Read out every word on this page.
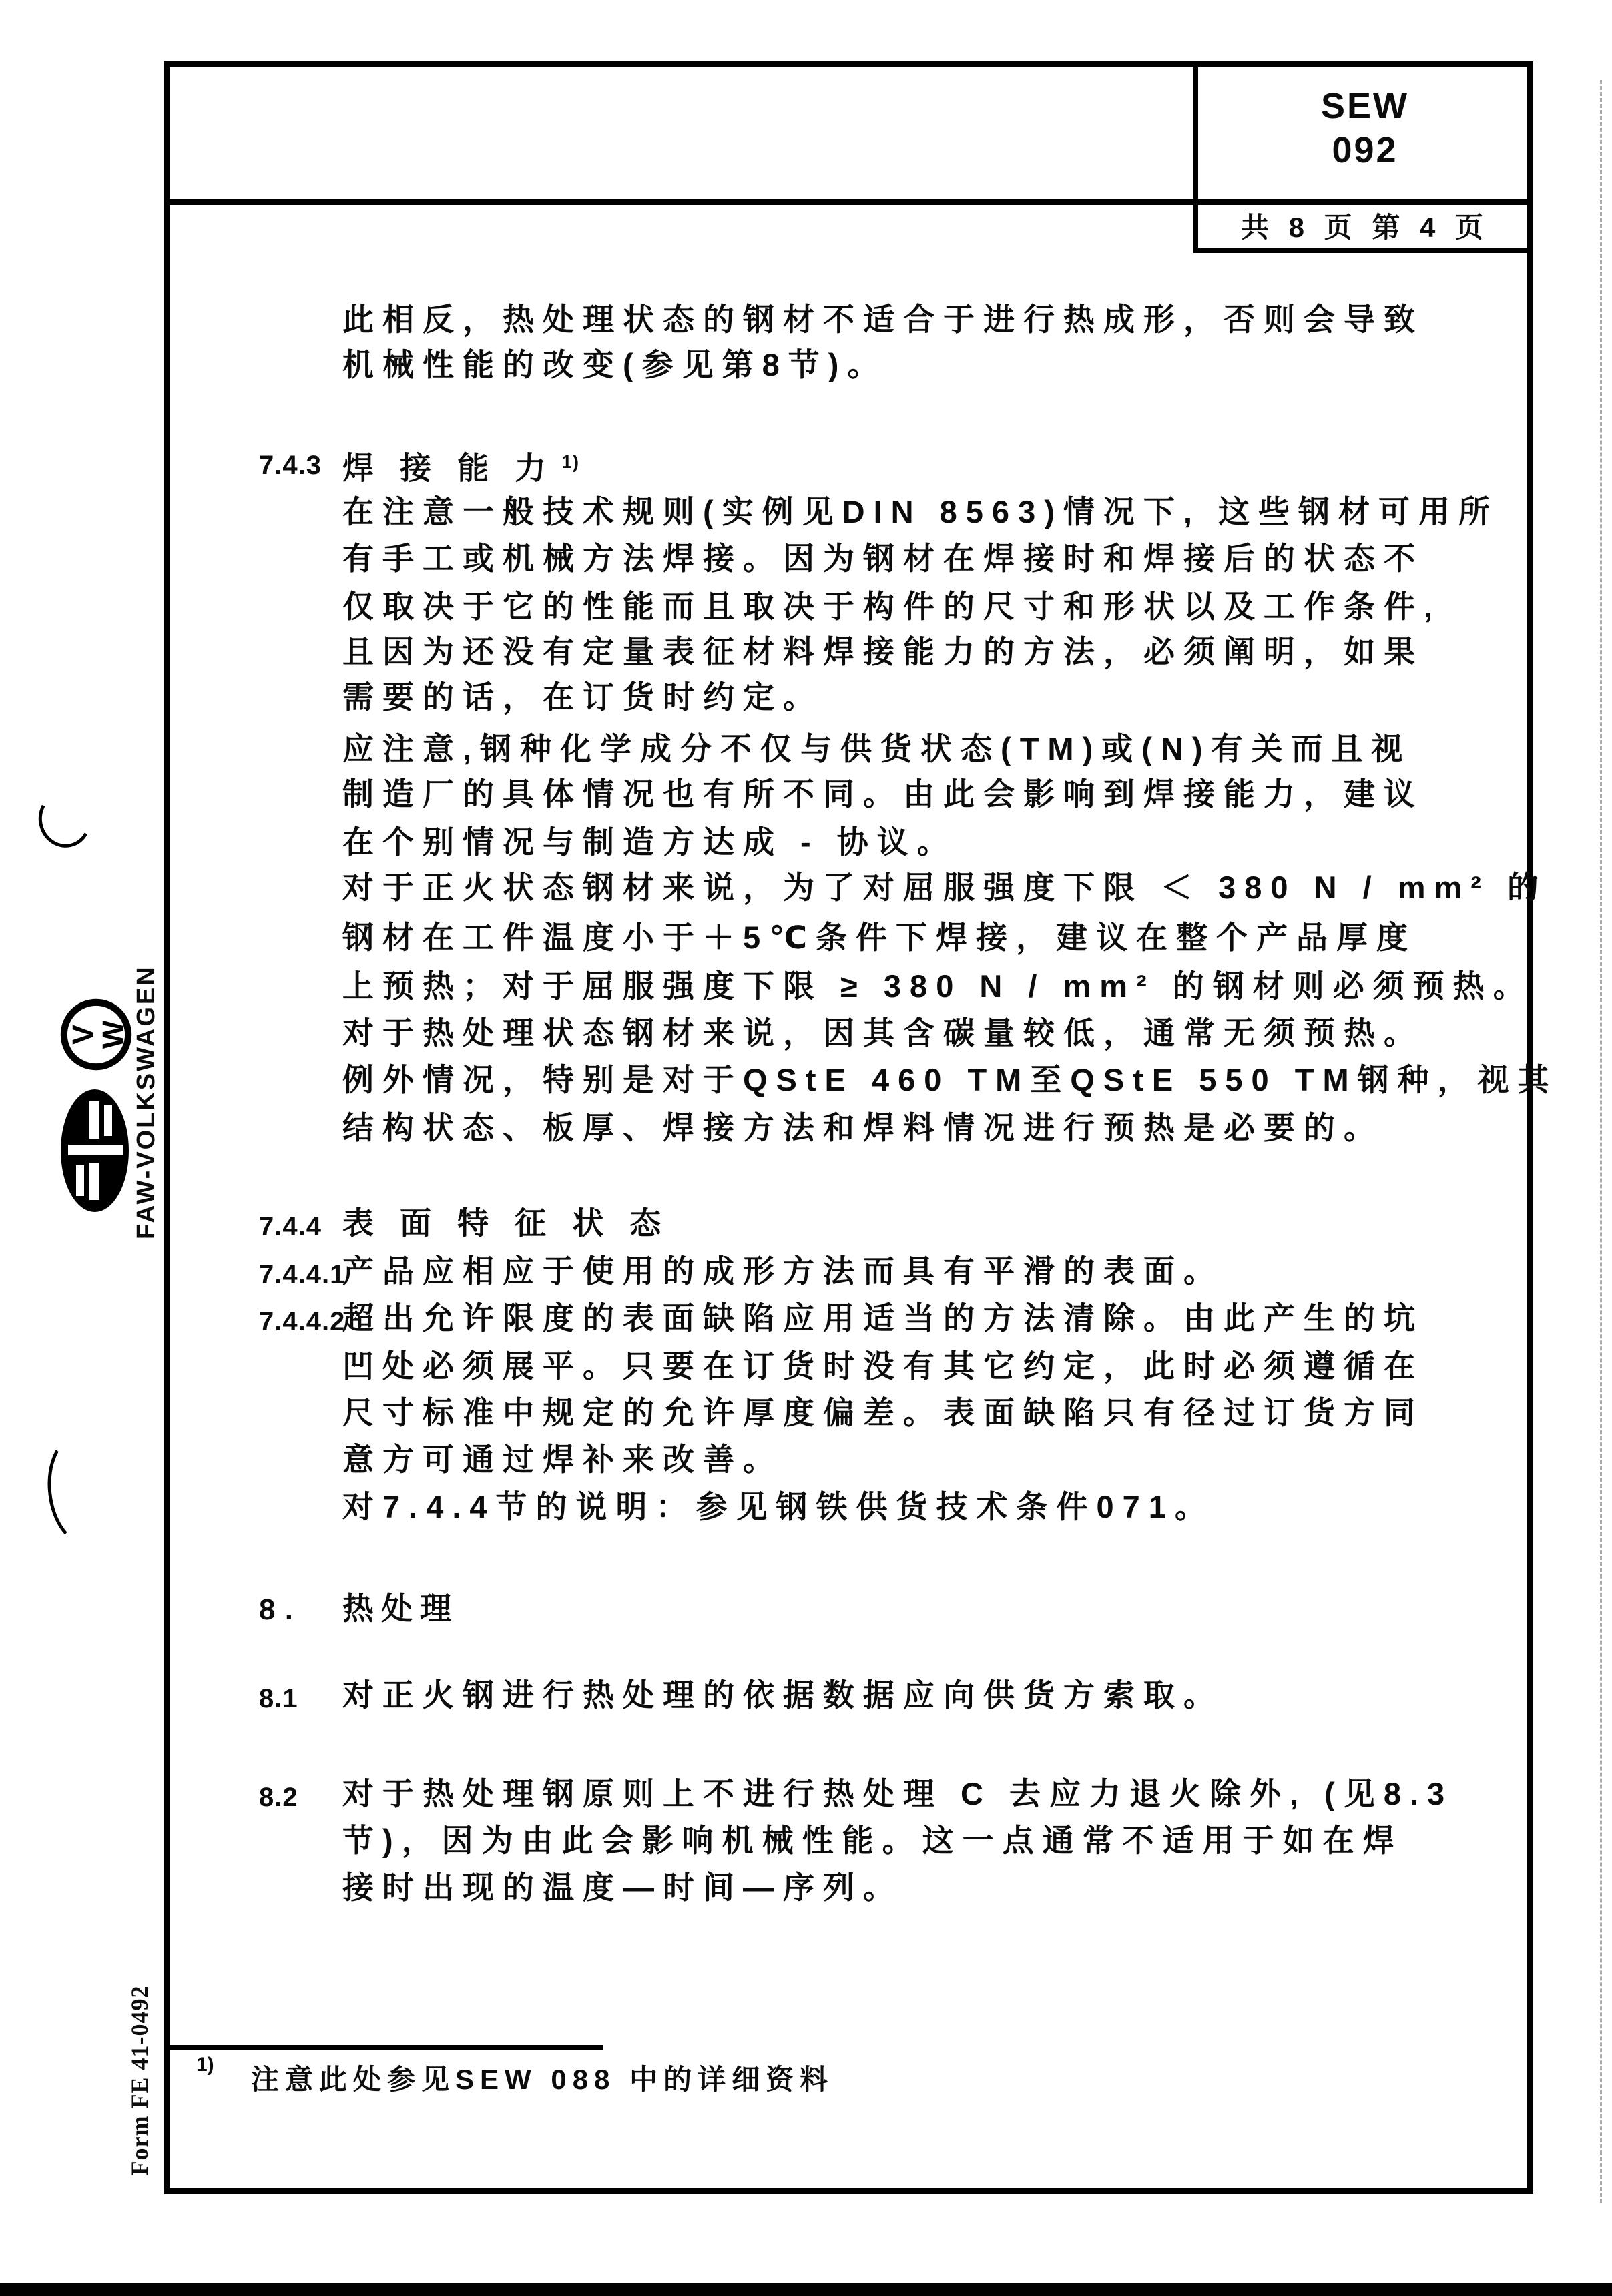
SEW
092
共 8 页 第 4 页
此相反，热处理状态的钢材不适合于进行热成形，否则会导致
机械性能的改变(参见第8节)。
7.4.3 焊 接 能 力 $^{1)}$
在注意一般技术规则(实例见DIN 8563)情况下, 这些钢材可用所
有手工或机械方法焊接。因为钢材在焊接时和焊接后的状态不
仅取决于它的性能而且取决于构件的尺寸和形状以及工作条件,
且因为还没有定量表征材料焊接能力的方法，必须阐明，如果
需要的话，在订货时约定。
应注意,钢种化学成分不仅与供货状态(TM)或(N)有关而且视
制造厂的具体情况也有所不同。由此会影响到焊接能力，建议
在个别情况与制造方达成 - 协议。
对于正火状态钢材来说，为了对屈服强度下限 ＜ 380 N / mm² 的
钢材在工件温度小于＋5℃条件下焊接，建议在整个产品厚度
上预热；对于屈服强度下限 ≥ 380 N / mm² 的钢材则必须预热。
对于热处理状态钢材来说，因其含碳量较低，通常无须预热。
例外情况，特别是对于QStE 460 TM至QStE 550 TM钢种，视其
结构状态、板厚、焊接方法和焊料情况进行预热是必要的。
7.4.4 表 面 特 征 状 态
7.4.4.1
产品应相应于使用的成形方法而具有平滑的表面。
7.4.4.2
超出允许限度的表面缺陷应用适当的方法清除。由此产生的坑
凹处必须展平。只要在订货时没有其它约定，此时必须遵循在
尺寸标准中规定的允许厚度偏差。表面缺陷只有径过订货方同
意方可通过焊补来改善。
对7.4.4节的说明：参见钢铁供货技术条件071。
8 . 热处理
8.1 对正火钢进行热处理的依据数据应向供货方索取。
8.2 对于热处理钢原则上不进行热处理 C 去应力退火除外, (见8.3
节)，因为由此会影响机械性能。这一点通常不适用于如在焊
接时出现的温度—时间—序列。
1) 注意此处参见SEW 088 中的详细资料
V
W FAW-VOLKSWAGEN
Form FE 41-0492
